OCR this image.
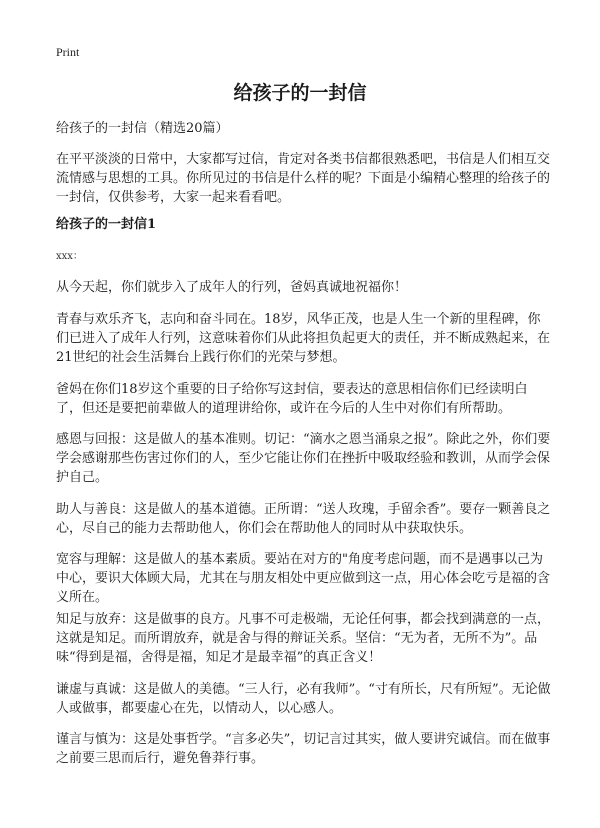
Print
给孩子的一封信

给孩子的一封信（精选20篇）

在平平淡淡的日常中，大家都写过信，肯定对各类书信都很熟悉吧，书信是人们相互交流情感与思想的工具。你所见过的书信是什么样的呢？下面是小编精心整理的给孩子的一封信，仅供参考，大家一起来看看吧。

给孩子的一封信1

xxx：

从今天起，你们就步入了成年人的行列，爸妈真诚地祝福你！

青春与欢乐齐飞，志向和奋斗同在。18岁，风华正茂，也是人生一个新的里程碑，你们已进入了成年人行列，这意味着你们从此将担负起更大的责任，并不断成熟起来，在21世纪的社会生活舞台上践行你们的光荣与梦想。

爸妈在你们18岁这个重要的日子给你写这封信，要表达的意思相信你们已经读明白了，但还是要把前辈做人的道理讲给你，或许在今后的人生中对你们有所帮助。

感恩与回报：这是做人的基本准则。切记：“滴水之恩当涌泉之报”。除此之外，你们要学会感谢那些伤害过你们的人，至少它能让你们在挫折中吸取经验和教训，从而学会保护自己。

助人与善良：这是做人的基本道德。正所谓：“送人玫瑰，手留余香”。要存一颗善良之心，尽自己的能力去帮助他人，你们会在帮助他人的同时从中获取快乐。

宽容与理解：这是做人的基本素质。要站在对方的"角度考虑问题，而不是遇事以己为中心，要识大体顾大局，尤其在与朋友相处中更应做到这一点，用心体会吃亏是福的含义所在。

知足与放弃：这是做事的良方。凡事不可走极端，无论任何事，都会找到满意的一点，这就是知足。而所谓放弃，就是舍与得的辩证关系。坚信：“无为者，无所不为”。品味“得到是福，舍得是福，知足才是最幸福”的真正含义！

谦虚与真诚：这是做人的美德。“三人行，必有我师”。“寸有所长，尺有所短”。无论做人或做事，都要虚心在先，以情动人，以心感人。

谨言与慎为：这是处事哲学。“言多必失”，切记言过其实，做人要讲究诚信。而在做事之前要三思而后行，避免鲁莽行事。
